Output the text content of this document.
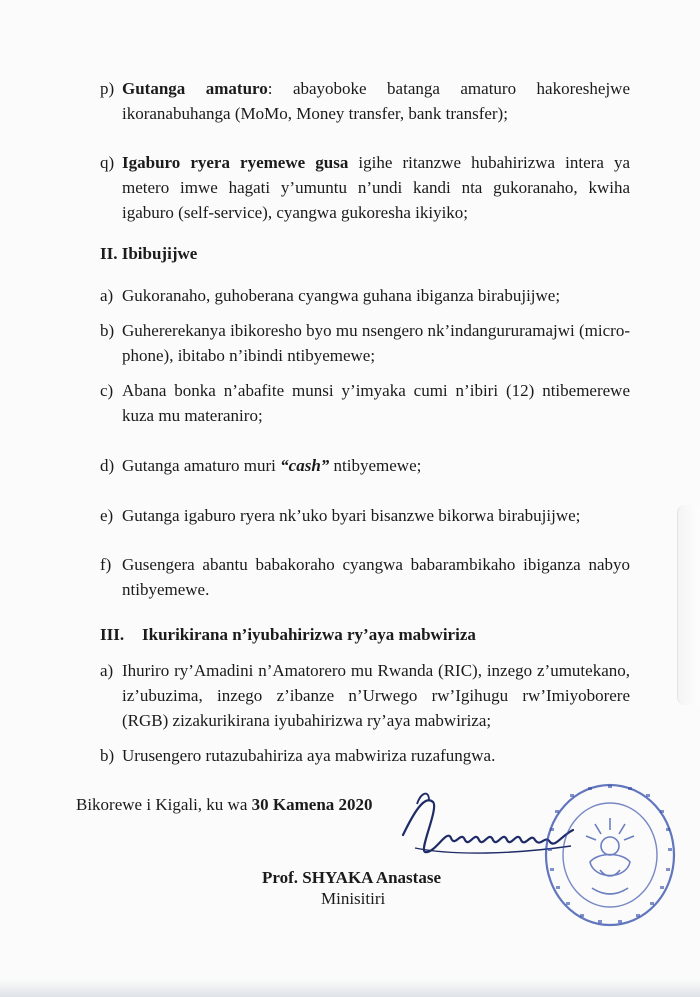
p) Gutanga amaturo: abayoboke batanga amaturo hakoreshejwe ikoranabuhanga (MoMo, Money transfer, bank transfer);
q) Igaburo ryera ryemewe gusa igihe ritanzwe hubahirizwa intera ya metero imwe hagati y’umuntu n’undi kandi nta gukoranaho, kwiha igaburo (self-service), cyangwa gukoresha ikiyiko;
II. Ibibujijwe
a) Gukoranaho, guhoberana cyangwa guhana ibiganza birabujijwe;
b) Guhererekanya ibikoresho byo mu nsengero nk’indangururamajwi (micro-phone), ibitabo n’ibindi ntibyemewe;
c) Abana bonka n’abafite munsi y’imyaka cumi n’ibiri (12) ntibemerewe kuza mu materaniro;
d) Gutanga amaturo muri “cash” ntibyemewe;
e) Gutanga igaburo ryera nk’uko byari bisanzwe bikorwa birabujijwe;
f) Gusengera abantu babakoraho cyangwa babarambikaho ibiganza nabyo ntibyemewe.
III. Ikurikirana n’iyubahirizwa ry’aya mabwiriza
a) Ihuriro ry’Amadini n’Amatorero mu Rwanda (RIC), inzego z’umutekano, iz’ubuzima, inzego z’ibanze n’Urwego rw’Igihugu rw’Imiyoborere (RGB) zizakurikirana iyubahirizwa ry’aya mabwiriza;
b) Urusengero rutazubahiriza aya mabwiriza ruzafungwa.
Bikorewe i Kigali, ku wa 30 Kamena 2020
Prof. SHYAKA Anastase
Minisitiri
